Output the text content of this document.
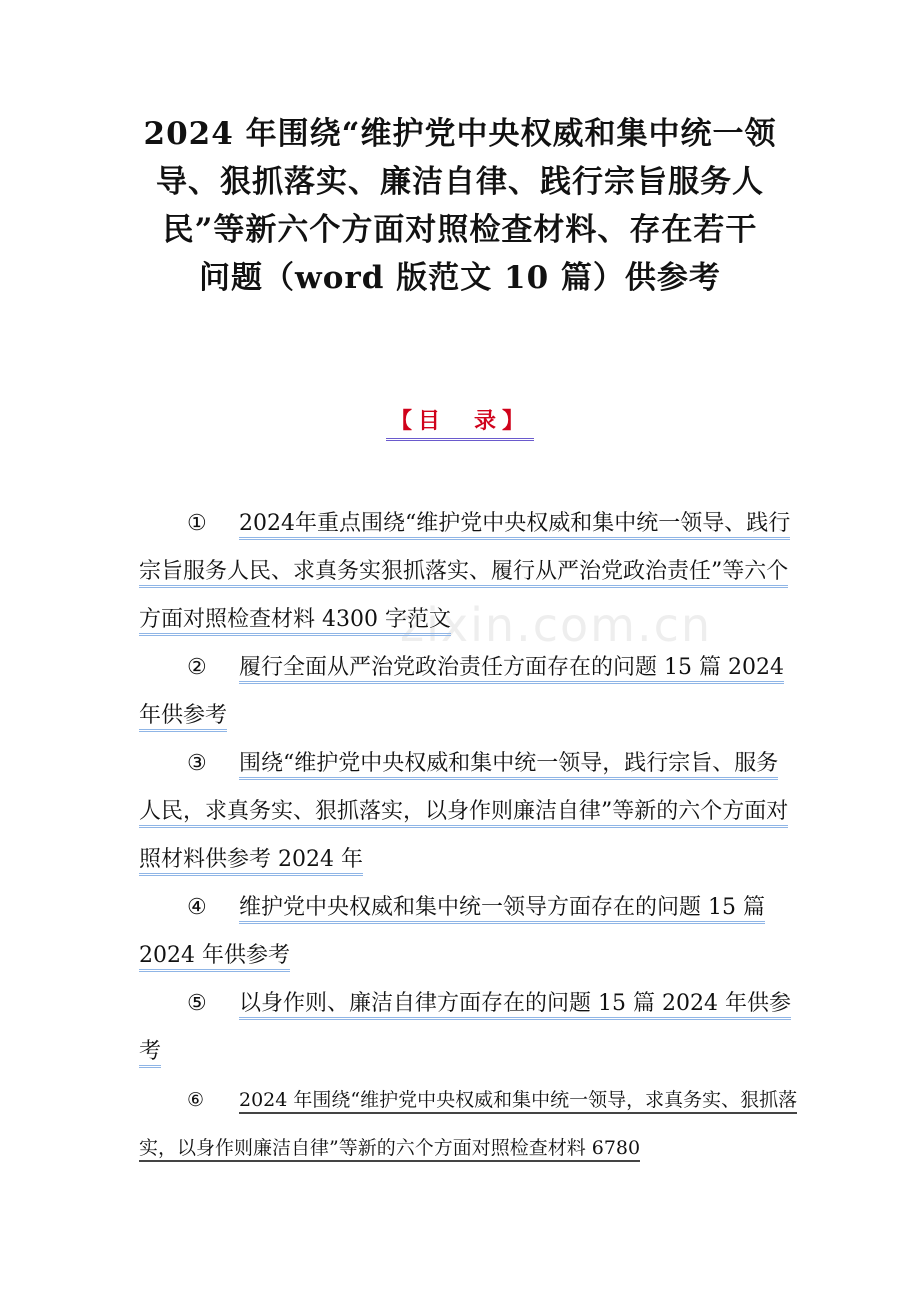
2024 年围绕“维护党中央权威和集中统一领
导、狠抓落实、廉洁自律、践行宗旨服务人
民”等新六个方面对照检查材料、存在若干
问题（word 版范文 10 篇）供参考
【目　录】
zixin.com.cn

① 2024年重点围绕“维护党中央权威和集中统一领导、践行宗旨服务人民、求真务实狠抓落实、履行从严治党政治责任”等六个方面对照检查材料 4300 字范文

② 履行全面从严治党政治责任方面存在的问题 15 篇 2024 年供参考

③ 围绕“维护党中央权威和集中统一领导，践行宗旨、服务人民，求真务实、狠抓落实，以身作则廉洁自律”等新的六个方面对照材料供参考 2024 年

④ 维护党中央权威和集中统一领导方面存在的问题 15 篇 2024 年供参考

⑤ 以身作则、廉洁自律方面存在的问题 15 篇 2024 年供参考

⑥ 2024 年围绕“维护党中央权威和集中统一领导，求真务实、狠抓落实，以身作则廉洁自律”等新的六个方面对照检查材料 6780
